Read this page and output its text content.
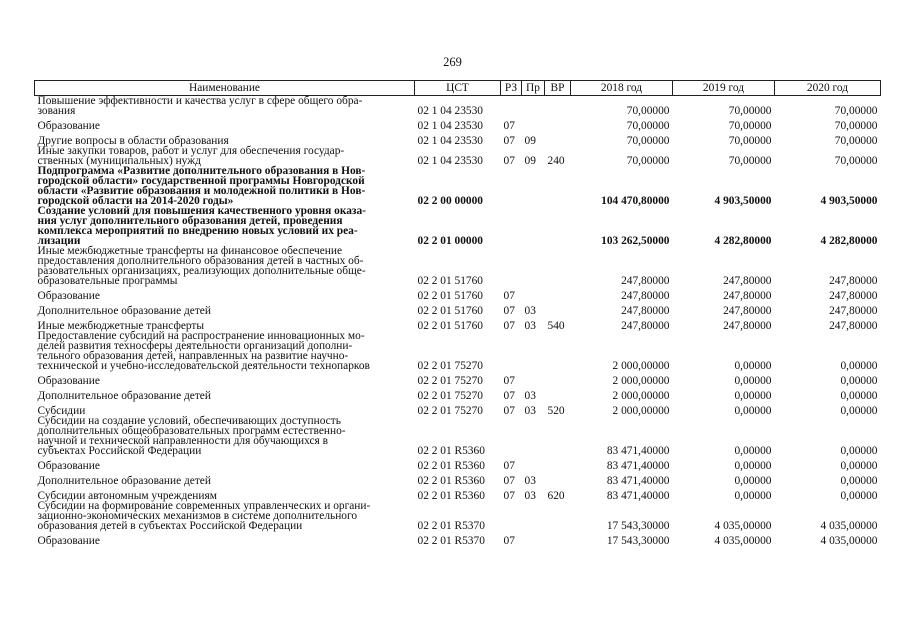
269
Наименование	ЦСТ	РЗ	Пр	ВР	2018 год	2019 год	2020 год
Повышение эффективности и качества услуг в сфере общего обра-
зования	02 1 04 23530				70,00000	70,00000	70,00000
Образование	02 1 04 23530	07			70,00000	70,00000	70,00000
Другие вопросы в области образования	02 1 04 23530	07	09		70,00000	70,00000	70,00000
Иные закупки товаров, работ и услуг для обеспечения государ-
ственных (муниципальных) нужд	02 1 04 23530	07	09	240	70,00000	70,00000	70,00000
Подпрограмма «Развитие дополнительного образования в Нов-
городской области» государственной программы Новгородской
области «Развитие образования и молодежной политики в Нов-
городской области на 2014-2020 годы»	02 2 00 00000				104 470,80000	4 903,50000	4 903,50000
Создание условий для повышения качественного уровня оказа-
ния услуг дополнительного образования детей, проведения
комплекса мероприятий по внедрению новых условий их реа-
лизации	02 2 01 00000				103 262,50000	4 282,80000	4 282,80000
Иные межбюджетные трансферты на финансовое обеспечение
предоставления дополнительного образования детей в частных об-
разовательных организациях, реализующих дополнительные обще-
образовательные программы	02 2 01 51760				247,80000	247,80000	247,80000
Образование	02 2 01 51760	07			247,80000	247,80000	247,80000
Дополнительное образование детей	02 2 01 51760	07	03		247,80000	247,80000	247,80000
Иные межбюджетные трансферты	02 2 01 51760	07	03	540	247,80000	247,80000	247,80000
Предоставление субсидий на распространение инновационных мо-
делей развития техносферы деятельности организаций дополни-
тельного образования детей, направленных на развитие научно-
технической и учебно-исследовательской деятельности технопарков	02 2 01 75270				2 000,00000	0,00000	0,00000
Образование	02 2 01 75270	07			2 000,00000	0,00000	0,00000
Дополнительное образование детей	02 2 01 75270	07	03		2 000,00000	0,00000	0,00000
Субсидии	02 2 01 75270	07	03	520	2 000,00000	0,00000	0,00000
Субсидии на создание условий, обеспечивающих доступность
дополнительных общеобразовательных программ естественно-
научной и технической направленности для обучающихся в
субъектах Российской Федерации	02 2 01 R5360				83 471,40000	0,00000	0,00000
Образование	02 2 01 R5360	07			83 471,40000	0,00000	0,00000
Дополнительное образование детей	02 2 01 R5360	07	03		83 471,40000	0,00000	0,00000
Субсидии автономным учреждениям	02 2 01 R5360	07	03	620	83 471,40000	0,00000	0,00000
Субсидии на формирование современных управленческих и органи-
зационно-экономических механизмов в системе дополнительного
образования детей в субъектах Российской Федерации	02 2 01 R5370				17 543,30000	4 035,00000	4 035,00000
Образование	02 2 01 R5370	07			17 543,30000	4 035,00000	4 035,00000
